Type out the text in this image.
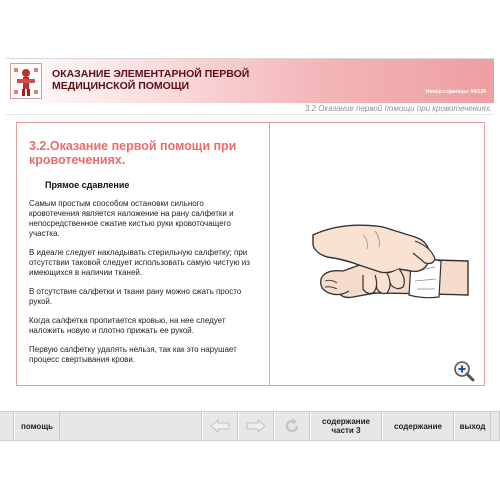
ОКАЗАНИЕ ЭЛЕМЕНТАРНОЙ ПЕРВОЙ
МЕДИЦИНСКОЙ ПОМОЩИ	Номер страницы: 94/139
3.2.Оказание первой помощи при кровотечениях.
3.2.Оказание первой помощи при кровотечениях.
Прямое сдавление

Самым простым способом остановки сильного кровотечения является наложение на рану салфетки и непосредственное сжатие кистью руки кровоточащего участка.

В идеале следует накладывать стерильную салфетку; при отсутствии таковой следует использовать самую чистую из имеющихся в наличии тканей.

В отсутствие салфетки и ткани рану можно сжать просто рукой.

Когда салфетка пропитается кровью, на нее следует наложить новую и плотно прижать ее рукой.

Первую салфетку удалять нельзя, так как это нарушает процесс свертывания крови.

помощь	содержание
части 3	содержание	выход
